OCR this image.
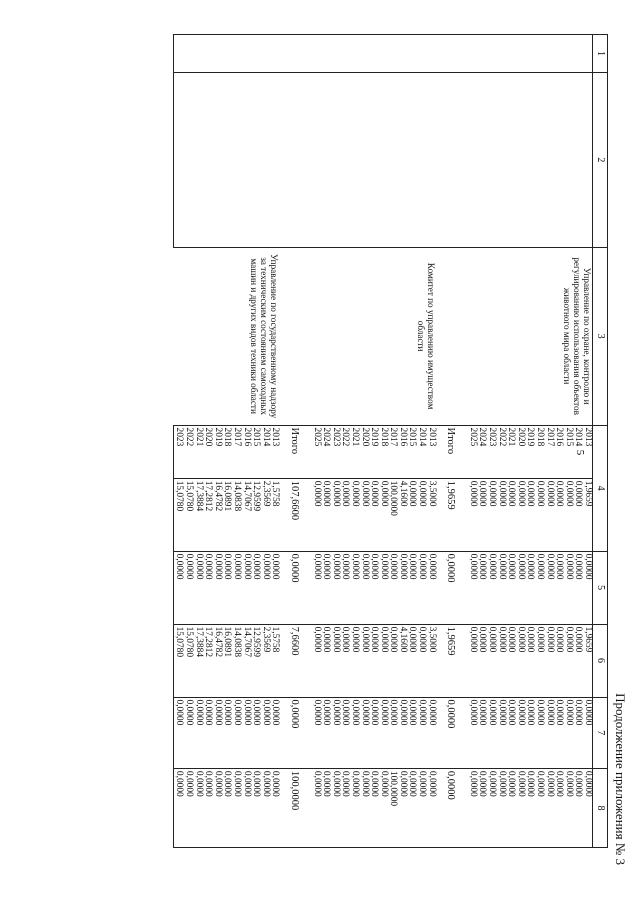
5
Продолжение приложения № 3
1	2	3	4		5	6	7	8
		Управление по охране, контролю и регулированию использования объектов животного мира области	2013	1,9659	0,0000	1,9659	0,0000	0,0000
			2014	0,0000	0,0000	0,0000	0,0000	0,0000
			2015	0,0000	0,0000	0,0000	0,0000	0,0000
			2016	0,0000	0,0000	0,0000	0,0000	0,0000
			2017	0,0000	0,0000	0,0000	0,0000	0,0000
			2018	0,0000	0,0000	0,0000	0,0000	0,0000
			2019	0,0000	0,0000	0,0000	0,0000	0,0000
			2020	0,0000	0,0000	0,0000	0,0000	0,0000
			2021	0,0000	0,0000	0,0000	0,0000	0,0000
			2022	0,0000	0,0000	0,0000	0,0000	0,0000
			2023	0,0000	0,0000	0,0000	0,0000	0,0000
			2024	0,0000	0,0000	0,0000	0,0000	0,0000
			2025	0,0000	0,0000	0,0000	0,0000	0,0000

			Итого	1,9659	0,0000	1,9659	0,0000	0,0000

		Комитет по управлению имуществом области	2013	3,5000	0,0000	3,5000	0,0000	0,0000
			2014	0,0000	0,0000	0,0000	0,0000	0,0000
			2015	0,0000	0,0000	0,0000	0,0000	0,0000
			2016	4,1600	0,0000	4,1600	0,0000	0,0000
			2017	100,0000	0,0000	0,0000	0,0000	100,0000
			2018	0,0000	0,0000	0,0000	0,0000	0,0000
			2019	0,0000	0,0000	0,0000	0,0000	0,0000
			2020	0,0000	0,0000	0,0000	0,0000	0,0000
			2021	0,0000	0,0000	0,0000	0,0000	0,0000
			2022	0,0000	0,0000	0,0000	0,0000	0,0000
			2023	0,0000	0,0000	0,0000	0,0000	0,0000
			2024	0,0000	0,0000	0,0000	0,0000	0,0000
			2025	0,0000	0,0000	0,0000	0,0000	0,0000

			Итого	107,6600	0,0000	7,6600	0,0000	100,0000

		Управление по государственному надзору за техническим состоянием самоходных машин и других видов техники области	2013	1,5758	0,0000	1,5758	0,0000	0,0000
			2014	2,3569	0,0000	2,3569	0,0000	0,0000
			2015	12,9599	0,0000	12,9599	0,0000	0,0000
			2016	14,7067	0,0000	14,7067	0,0000	0,0000
			2017	14,0838	0,0000	14,0838	0,0000	0,0000
			2018	16,0891	0,0000	16,0891	0,0000	0,0000
			2019	16,4782	0,0000	16,4782	0,0000	0,0000
			2020	17,2812	0,0000	17,2812	0,0000	0,0000
			2021	17,3884	0,0000	17,3884	0,0000	0,0000
			2022	15,0780	0,0000	15,0780	0,0000	0,0000
			2023	15,0780	0,0000	15,0780	0,0000	0,0000
